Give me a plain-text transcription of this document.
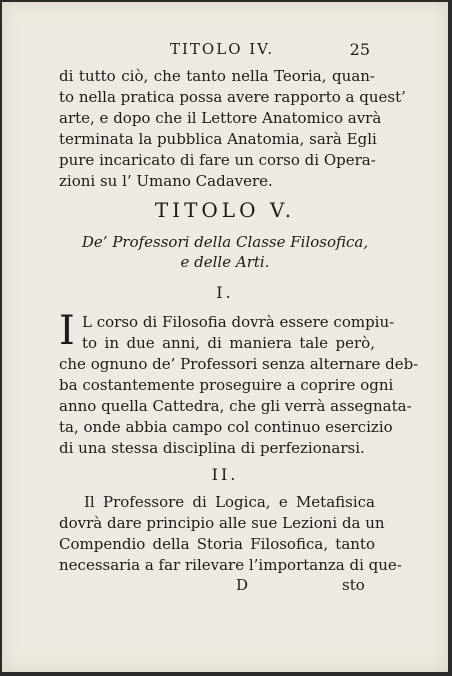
TITOLO IV.	25
di tutto ciò, che tanto nella Teoria, quan-
to nella pratica possa avere rapporto a quest’
arte, e dopo che il Lettore Anatomico avrà
terminata la pubblica Anatomia, sarà Egli
pure incaricato di fare un corso di Opera-
zioni su l’ Umano Cadavere.
TITOLO V.
De’ Professori della Classe Filosofica,
e delle Arti.
I.
I L corso di Filosofia dovrà essere compiu-
to in due anni, di maniera tale però,
che ognuno de’ Professori senza alternare deb-
ba costantemente proseguire a coprire ogni
anno quella Cattedra, che gli verrà assegnata-
ta, onde abbia campo col continuo esercizio
di una stessa disciplina di perfezionarsi.
II.
Il Professore di Logica, e Metafisica
dovrà dare principio alle sue Lezioni da un
Compendio della Storia Filosofica, tanto
necessaria a far rilevare l’importanza di que-
D	sto
